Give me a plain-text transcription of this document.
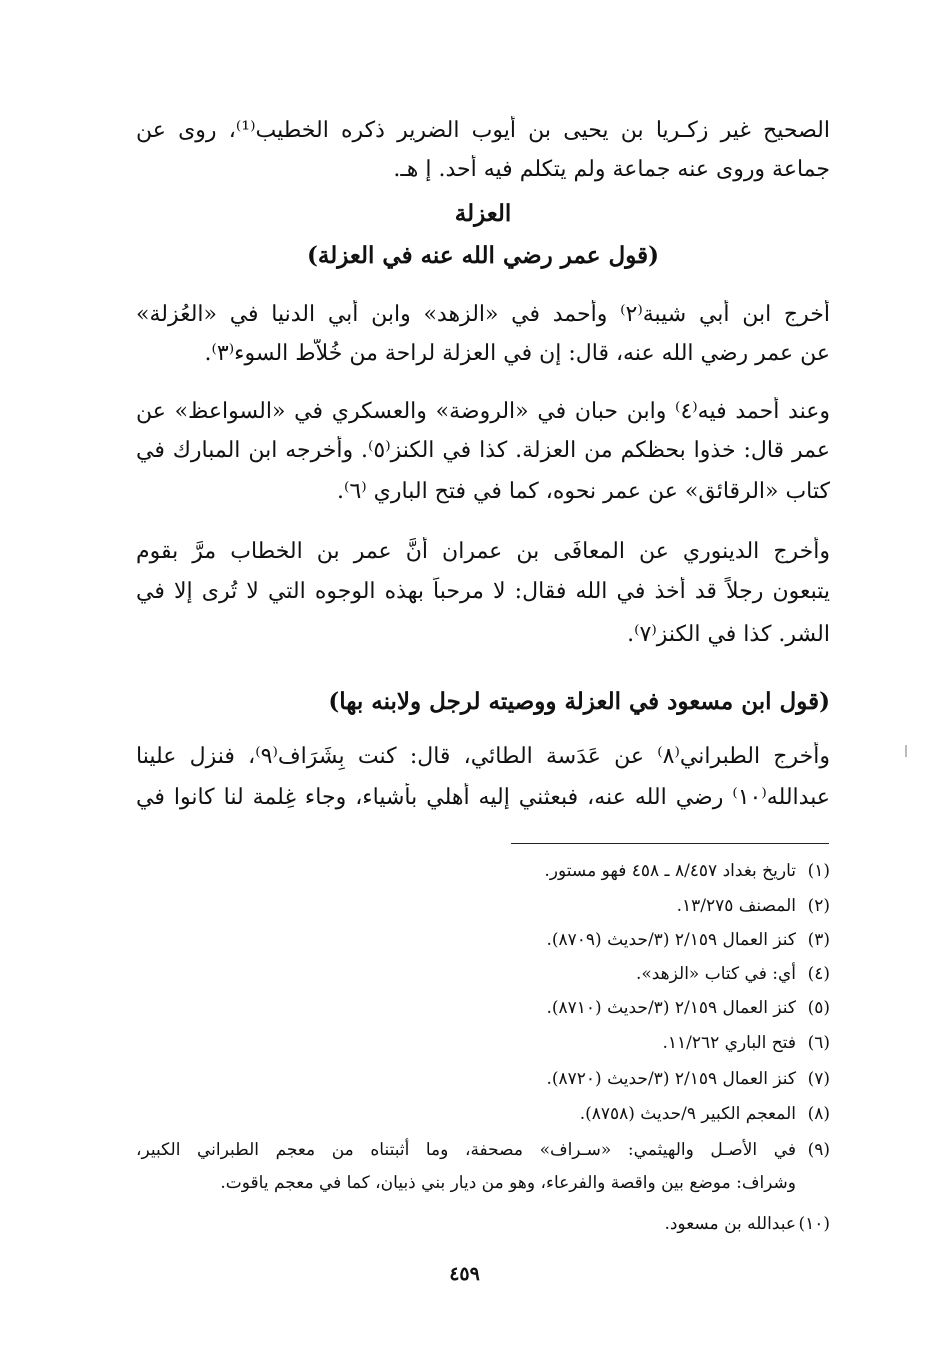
الصحيح غير زكـريا بن يحيى بن أيوب الضرير ذكره الخطيب⁽¹⁾، روى عن
جماعة وروى عنه جماعة ولم يتكلم فيه أحد. إ هـ.
العزلة
(قول عمر رضي الله عنه في العزلة)
أخرج ابن أبي شيبة⁽٢⁾ وأحمد في «الزهد» وابن أبي الدنيا في «العُزلة»
عن عمر رضي الله عنه، قال: إن في العزلة لراحة من خُلاَّط السوء⁽٣⁾.
وعند أحمد فيه⁽٤⁾ وابن حبان في «الروضة» والعسكري في «السواعظ» عن
عمر قال: خذوا بحظكم من العزلة. كذا في الكنز⁽٥⁾. وأخرجه ابن المبارك في
كتاب «الرقائق» عن عمر نحوه، كما في فتح الباري ⁽٦⁾.
وأخرج الدينوري عن المعافَى بن عمران أنَّ عمر بن الخطاب مرَّ بقوم
يتبعون رجلاً قد أُخذ في الله فقال: لا مرحباً بهذه الوجوه التي لا تُرى إلا في
الشر. كذا في الكنز⁽٧⁾.
(قول ابن مسعود في العزلة ووصيته لرجل ولابنه بها)
وأخرج الطبراني⁽٨⁾ عن عَدَسة الطائي، قال: كنت بِشَرَاف⁽٩⁾، فنزل علينا
عبدالله⁽١٠⁾ رضي الله عنه، فبعثني إليه أهلي بأشياء، وجاء غِلمة لنا كانوا في
(١)
تاريخ بغداد ٨/٤٥٧ ـ ٤٥٨ فهو مستور.
(٢)
المصنف ١٣/٢٧٥.
(٣)
كنز العمال ٢/١٥٩ (٣/حديث (٨٧٠٩).
(٤)
أي: في كتاب «الزهد».
(٥)
كنز العمال ٢/١٥٩ (٣/حديث (٨٧١٠).
(٦)
فتح الباري ١١/٢٦٢.
(٧)
كنز العمال ٢/١٥٩ (٣/حديث (٨٧٢٠).
(٨)
المعجم الكبير ٩/حديث (٨٧٥٨).
(٩)
في الأصـل والهيثمي: «سـراف» مصحفة، وما أثبتناه من معجم الطبراني الكبير،
وشراف: موضع بين واقصة والفرعاء، وهو من ديار بني ذبيان، كما في معجم ياقوت.
(١٠)
عبدالله بن مسعود.
٤٥٩
